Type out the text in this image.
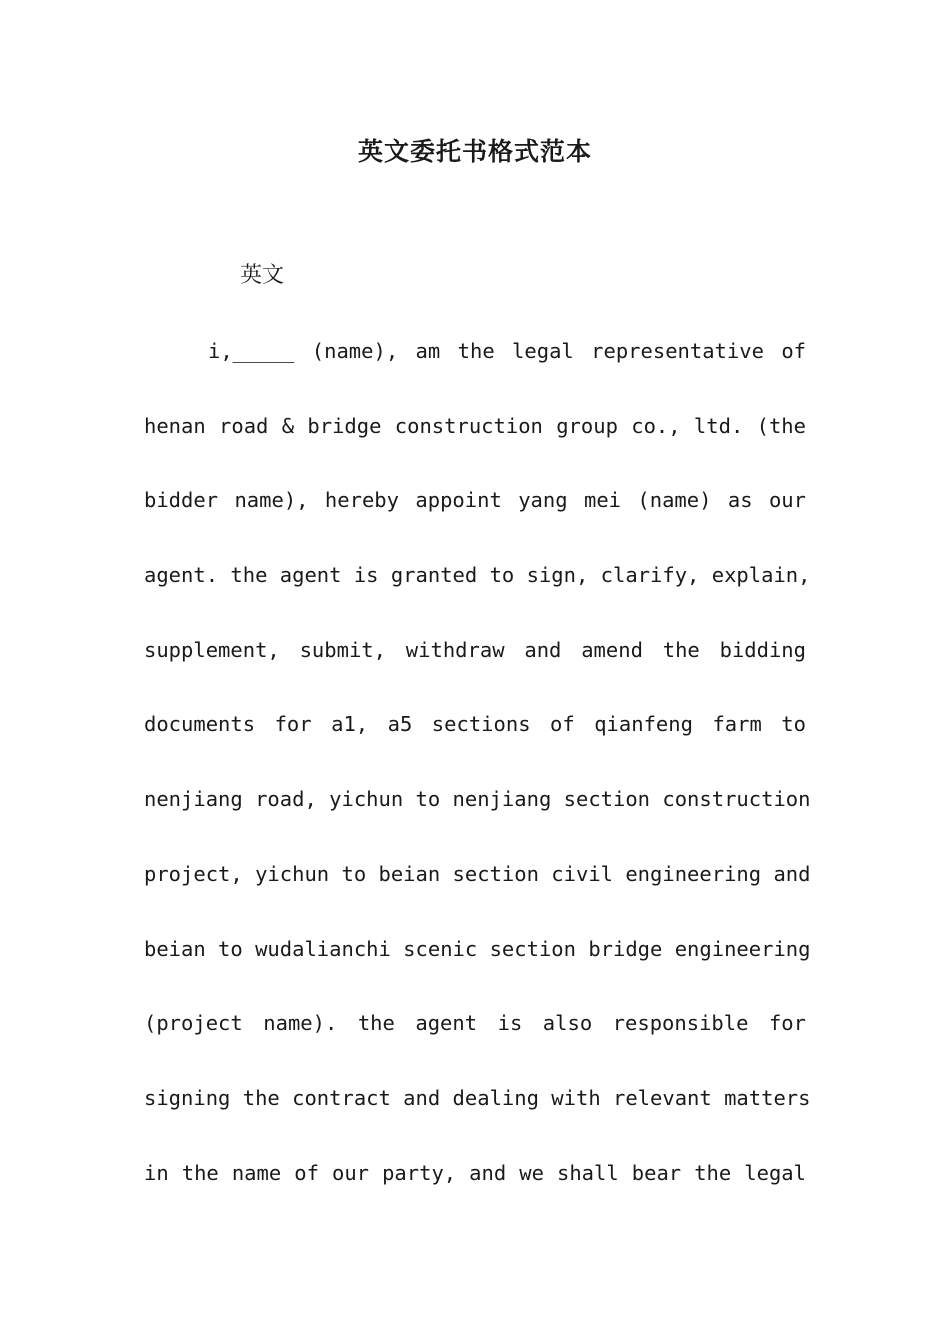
英文委托书格式范本
英文
i,_____ (name), am the legal representative of
henan road & bridge construction group co., ltd. (the
bidder name), hereby appoint yang mei (name) as our
agent. the agent is granted to sign, clarify, explain,
supplement, submit, withdraw and amend the bidding
documents for a1, a5 sections of qianfeng farm to
nenjiang road, yichun to nenjiang section construction
project, yichun to beian section civil engineering and
beian to wudalianchi scenic section bridge engineering
(project name). the agent is also responsible for
signing the contract and dealing with relevant matters
in the name of our party, and we shall bear the legal
